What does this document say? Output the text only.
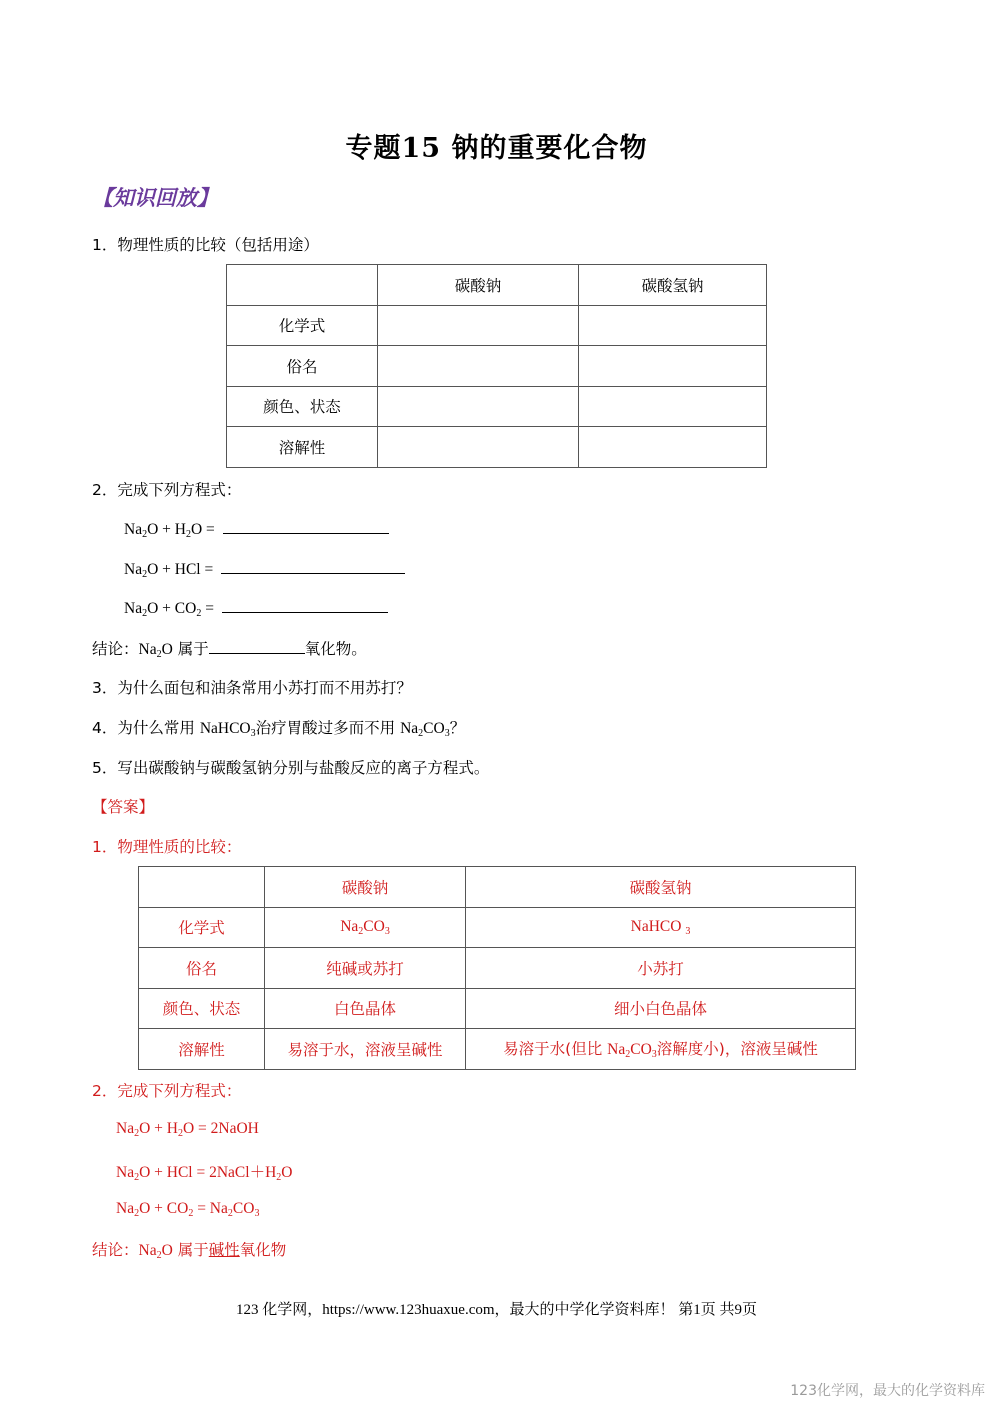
专题15 钠的重要化合物
【知识回放】
1．物理性质的比较（包括用途）
	碳酸钠	碳酸氢钠
化学式		
俗名		
颜色、状态		
溶解性		
2．完成下列方程式：
$Na_2O + H_2O$ =
$Na_2O$ + HCl =
$Na_2O + CO_2$ =
结论：$Na_2O$ 属于	氧化物。
3．为什么面包和油条常用小苏打而不用苏打？
4．为什么常用 NaHCO$_3$治疗胃酸过多而不用 $Na_2CO_3$？
5．写出碳酸钠与碳酸氢钠分别与盐酸反应的离子方程式。
【答案】
1．物理性质的比较：
	碳酸钠	碳酸氢钠
化学式	$Na_2CO_3$	NaHCO $_3$
俗名	纯碱或苏打	小苏打
颜色、状态	白色晶体	细小白色晶体
溶解性	易溶于水，溶液呈碱性	易溶于水(但比 $Na_2CO_3$溶解度小)，溶液呈碱性
2．完成下列方程式：
$Na_2O + H_2O$ = 2NaOH
$Na_2O$ + HCl = $2NaCl+H_2O$
$Na_2O + CO_2 = Na_2CO_3$
结论：$Na_2O$ 属于碱性氧化物
123 化学网，https://www.123huaxue.com，最大的中学化学资料库！ 第1页 共9页
123化学网，最大的化学资料库
